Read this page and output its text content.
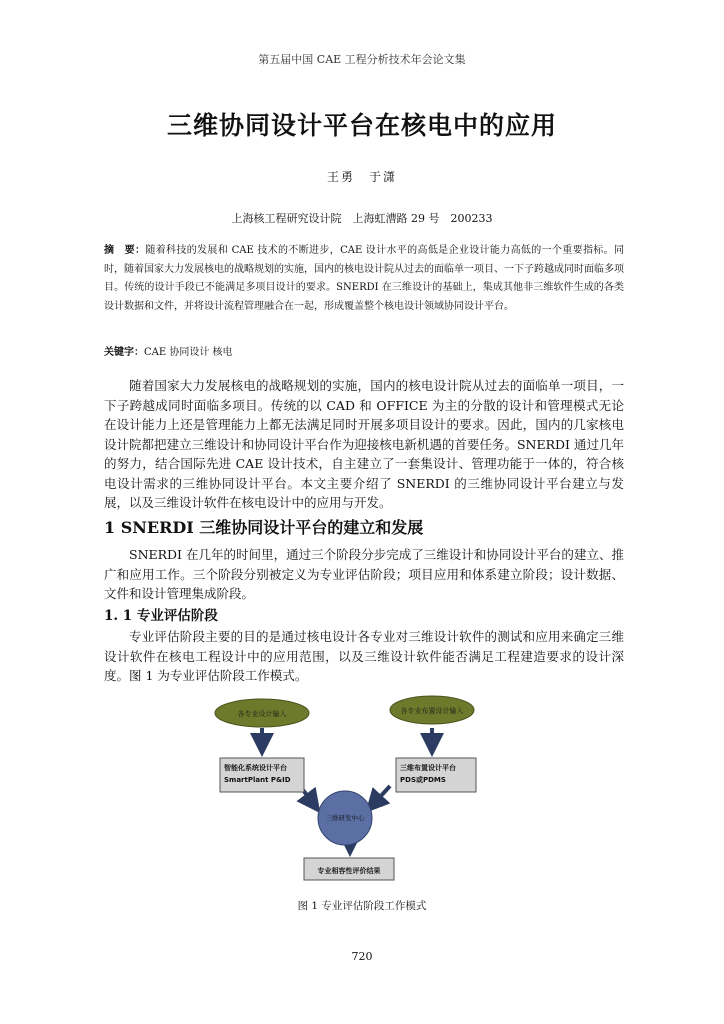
第五届中国 CAE 工程分析技术年会论文集
三维协同设计平台在核电中的应用
王勇　于潇
上海核工程研究设计院　上海虹漕路 29 号　200233
摘　要：随着科技的发展和 CAE 技术的不断进步，CAE 设计水平的高低是企业设计能力高低的一个重要指标。同时，随着国家大力发展核电的战略规划的实施，国内的核电设计院从过去的面临单一项目、一下子跨越成同时面临多项目。传统的设计手段已不能满足多项目设计的要求。SNERDI 在三维设计的基础上，集成其他非三维软件生成的各类设计数据和文件，并将设计流程管理融合在一起，形成覆盖整个核电设计领域协同设计平台。
关键字：CAE 协同设计 核电
随着国家大力发展核电的战略规划的实施，国内的核电设计院从过去的面临单一项目，一下子跨越成同时面临多项目。传统的以 CAD 和 OFFICE 为主的分散的设计和管理模式无论在设计能力上还是管理能力上都无法满足同时开展多项目设计的要求。因此，国内的几家核电设计院都把建立三维设计和协同设计平台作为迎接核电新机遇的首要任务。SNERDI 通过几年的努力，结合国际先进 CAE 设计技术，自主建立了一套集设计、管理功能于一体的，符合核电设计需求的三维协同设计平台。本文主要介绍了 SNERDI 的三维协同设计平台建立与发展，以及三维设计软件在核电设计中的应用与开发。
1 SNERDI 三维协同设计平台的建立和发展
SNERDI 在几年的时间里，通过三个阶段分步完成了三维设计和协同设计平台的建立、推广和应用工作。三个阶段分别被定义为专业评估阶段；项目应用和体系建立阶段；设计数据、文件和设计管理集成阶段。
1. 1 专业评估阶段
专业评估阶段主要的目的是通过核电设计各专业对三维设计软件的测试和应用来确定三维设计软件在核电工程设计中的应用范围，以及三维设计软件能否满足工程建造要求的设计深度。图 1 为专业评估阶段工作模式。
各专业设计输入	各专业布置设计输入
智能化系统设计平台
SmartPlant P&ID
三维布置设计平台
PDS或PDMS
三维研发中心
专业相容性评价结果
图 1 专业评估阶段工作模式
720
